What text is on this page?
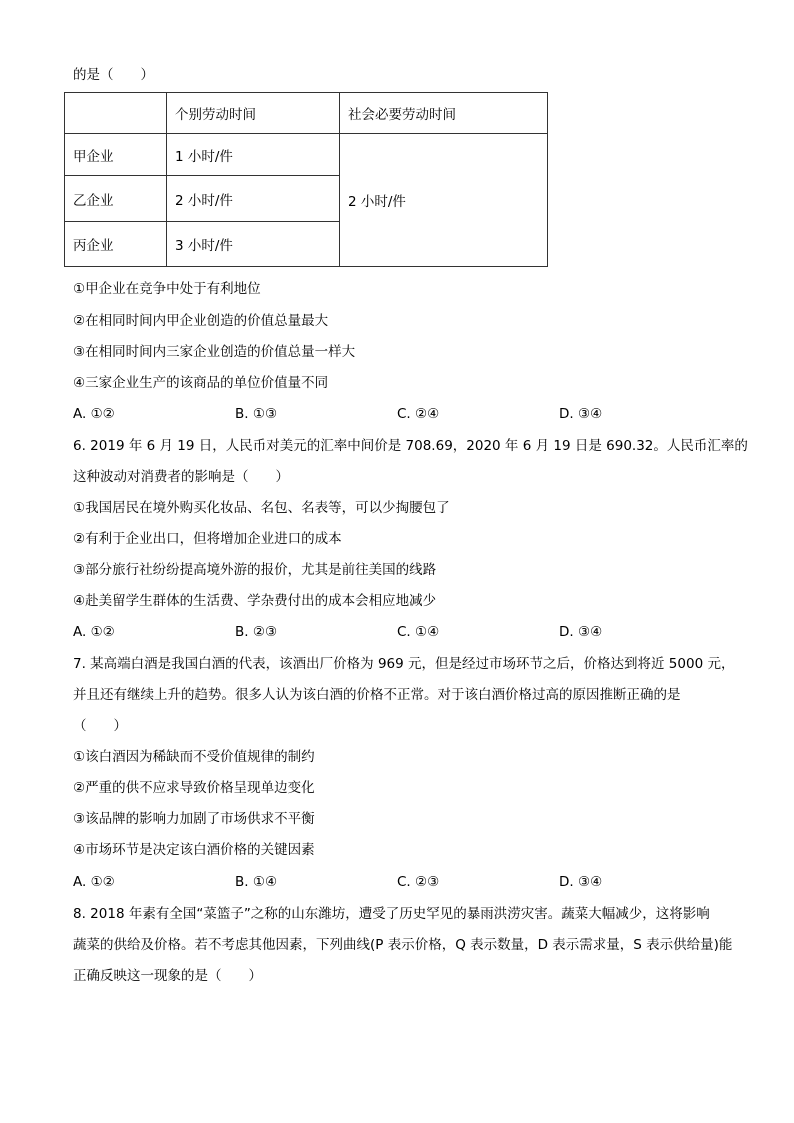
的是（　　）
	个别劳动时间	社会必要劳动时间
甲企业	1 小时/件	2 小时/件
乙企业	2 小时/件	
丙企业	3 小时/件	
①甲企业在竞争中处于有利地位
②在相同时间内甲企业创造的价值总量最大
③在相同时间内三家企业创造的价值总量一样大
④三家企业生产的该商品的单位价值量不同
A. ①②	B. ①③	C. ②④	D. ③④
6. 2019 年 6 月 19 日，人民币对美元的汇率中间价是 708.69，2020 年 6 月 19 日是 690.32。人民币汇率的
这种波动对消费者的影响是（　　）
①我国居民在境外购买化妆品、名包、名表等，可以少掏腰包了
②有利于企业出口，但将增加企业进口的成本
③部分旅行社纷纷提高境外游的报价，尤其是前往美国的线路
④赴美留学生群体的生活费、学杂费付出的成本会相应地减少
A. ①②	B. ②③	C. ①④	D. ③④
7. 某高端白酒是我国白酒的代表，该酒出厂价格为 969 元，但是经过市场环节之后，价格达到将近 5000 元，
并且还有继续上升的趋势。很多人认为该白酒的价格不正常。对于该白酒价格过高的原因推断正确的是
（　　）
①该白酒因为稀缺而不受价值规律的制约
②严重的供不应求导致价格呈现单边变化
③该品牌的影响力加剧了市场供求不平衡
④市场环节是决定该白酒价格的关键因素
A. ①②	B. ①④	C. ②③	D. ③④
8. 2018 年素有全国“菜篮子”之称的山东潍坊，遭受了历史罕见的暴雨洪涝灾害。蔬菜大幅减少，这将影响
蔬菜的供给及价格。若不考虑其他因素，下列曲线(P 表示价格，Q 表示数量，D 表示需求量，S 表示供给量)能
正确反映这一现象的是（　　）
